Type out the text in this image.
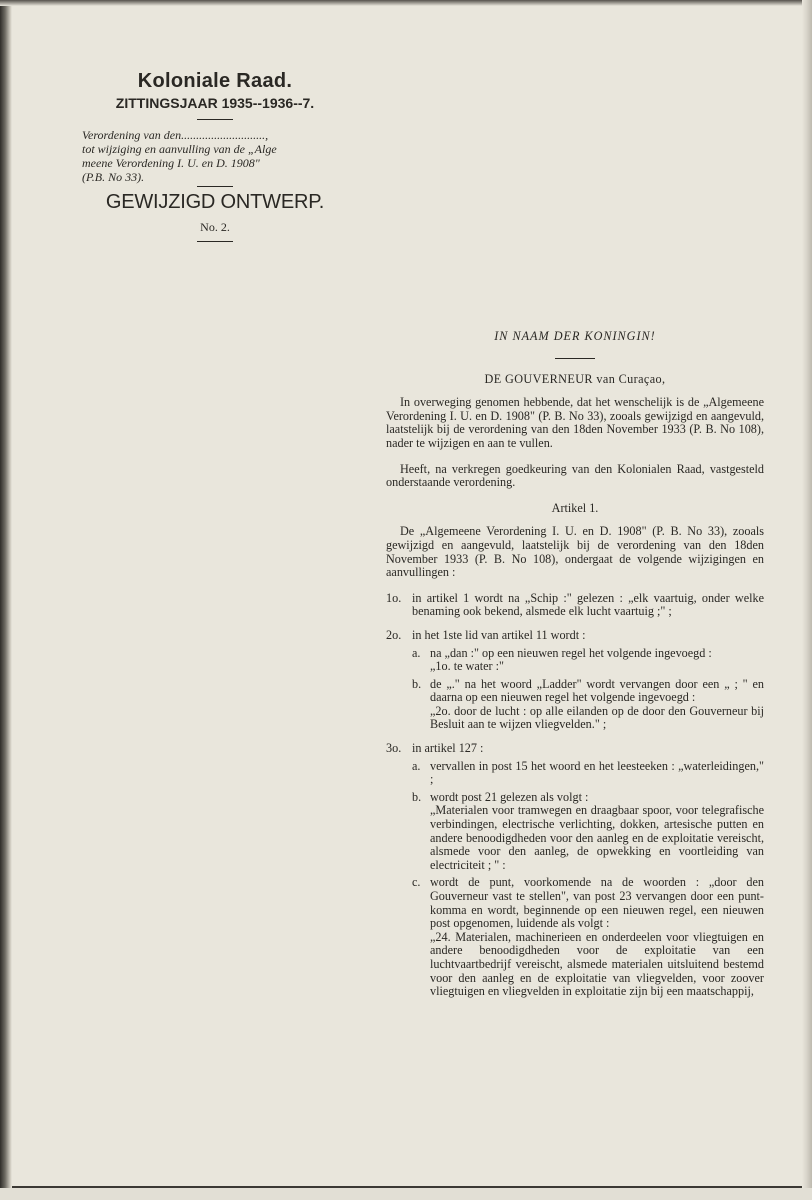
Koloniale Raad.

ZITTINGSJAAR 1935--1936--7.

Verordening van den............................,
tot wijziging en aanvulling van de „Alge
meene Verordening I. U. en D. 1908"
(P.B. No 33).

GEWIJZIGD ONTWERP.

No. 2.

IN NAAM DER KONINGIN!

DE GOUVERNEUR van Curaçao,

In overweging genomen hebbende, dat het wenschelijk is de „Algemeene Verordening I. U. en D. 1908" (P. B. No 33), zooals gewijzigd en aangevuld, laatstelijk bij de verordening van den 18den November 1933 (P. B. No 108), nader te wijzigen en aan te vullen.

Heeft, na verkregen goedkeuring van den Kolonialen Raad, vastgesteld onderstaande verordening.

Artikel 1.

De „Algemeene Verordening I. U. en D. 1908" (P. B. No 33), zooals gewijzigd en aangevuld, laatstelijk bij de verordening van den 18den November 1933 (P. B. No 108), ondergaat de volgende wijzigingen en aanvullingen :

1o. in artikel 1 wordt na „Schip :" gelezen : „elk vaartuig, onder welke benaming ook bekend, alsmede elk lucht vaartuig ;" ;
2o. in het 1ste lid van artikel 11 wordt :
a. na „dan :" op een nieuwen regel het volgende ingevoegd :
„1o. te water :"
b. de „." na het woord „Ladder" wordt vervangen door een „ ; " en daarna op een nieuwen regel het volgende ingevoegd :
„2o. door de lucht : op alle eilanden op de door den Gouverneur bij Besluit aan te wijzen vliegvelden." ;
3o. in artikel 127 :
a. vervallen in post 15 het woord en het leesteeken : „waterleidingen," ;
b. wordt post 21 gelezen als volgt :
„Materialen voor tramwegen en draagbaar spoor, voor telegrafische verbindingen, electrische verlichting, dokken, artesische putten en andere benoodigdheden voor den aanleg en de exploitatie vereischt, alsmede voor den aanleg, de opwekking en voortleiding van electriciteit ; " :
c. wordt de punt, voorkomende na de woorden : „door den Gouverneur vast te stellen", van post 23 vervangen door een punt-komma en wordt, beginnende op een nieuwen regel, een nieuwen post opgenomen, luidende als volgt :
„24. Materialen, machinerieen en onderdeelen voor vliegtuigen en andere benoodigdheden voor de exploitatie van een luchtvaartbedrijf vereischt, alsmede materialen uitsluitend bestemd voor den aanleg en de exploitatie van vliegvelden, voor zoover vliegtuigen en vliegvelden in exploitatie zijn bij een maatschappij,
